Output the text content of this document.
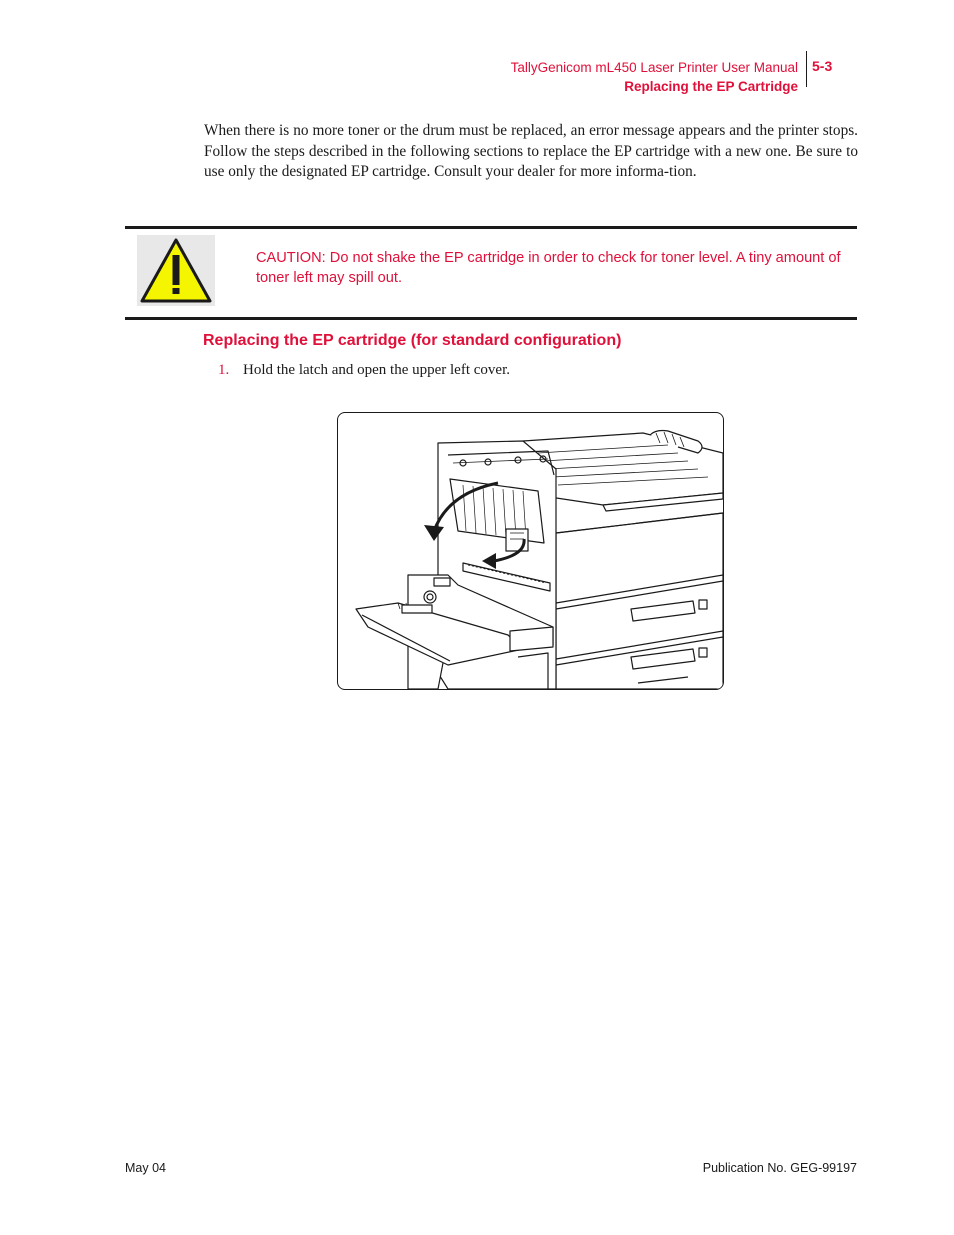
TallyGenicom mL450 Laser Printer User Manual
Replacing the EP Cartridge
5-3

When there is no more toner or the drum must be replaced, an error message appears and the printer stops. Follow the steps described in the following sections to replace the EP cartridge with a new one. Be sure to use only the designated EP cartridge. Consult your dealer for more informa-tion.

CAUTION: Do not shake the EP cartridge in order to check for toner level. A tiny amount of toner left may spill out.

Replacing the EP cartridge (for standard configuration)
1. Hold the latch and open the upper left cover.
May 04	Publication No. GEG-99197
